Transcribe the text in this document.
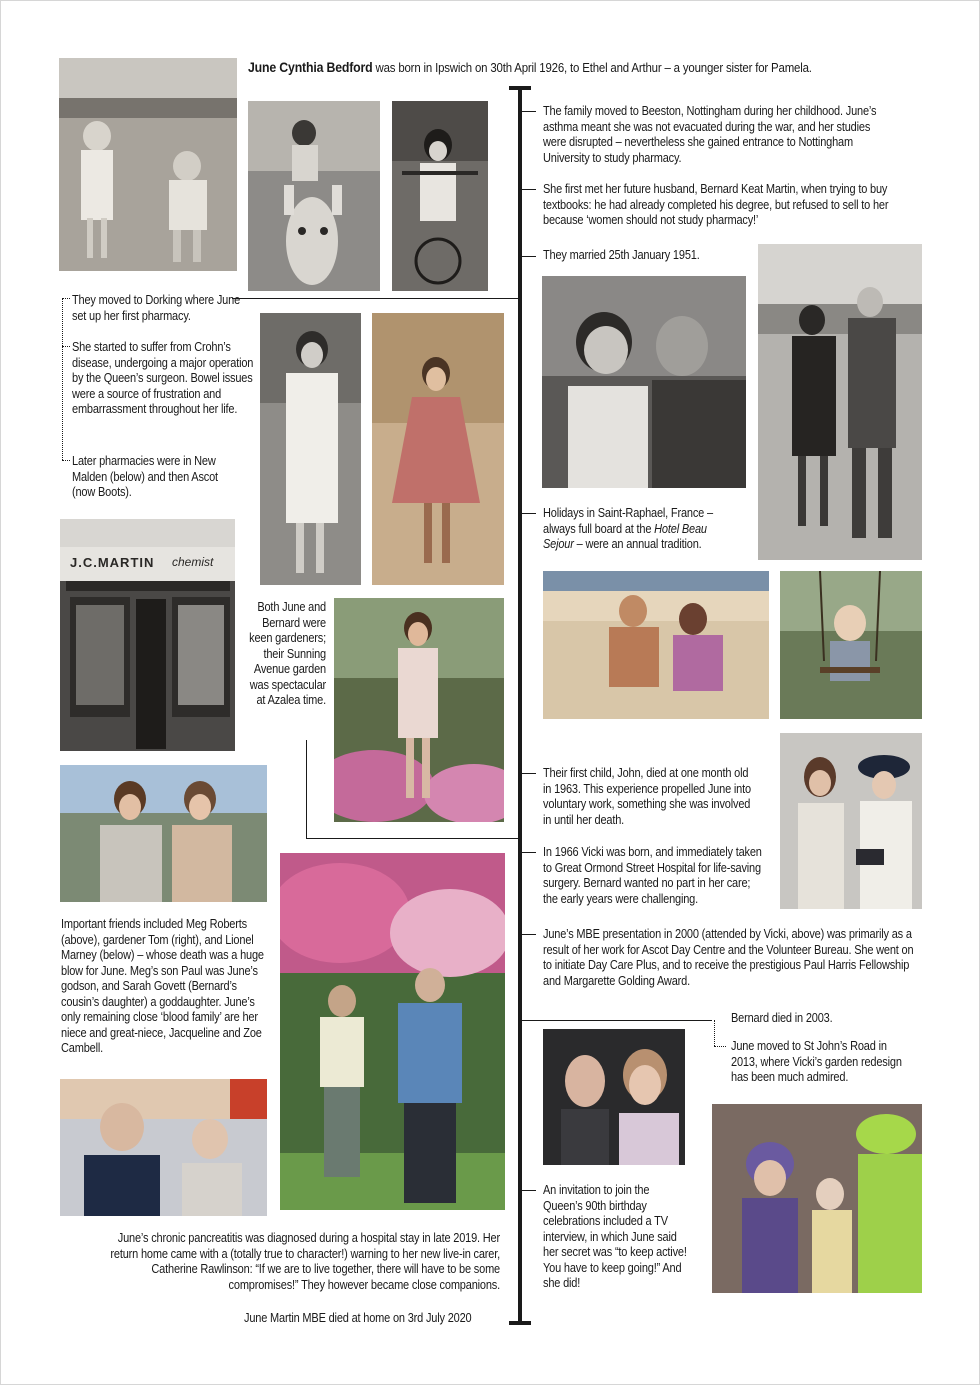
June Cynthia Bedford was born in Ipswich on 30th April 1926, to Ethel and Arthur – a younger sister for Pamela.
The family moved to Beeston, Nottingham during her childhood. June’s asthma meant she was not evacuated during the war, and her studies were disrupted – nevertheless she gained entrance to Nottingham University to study pharmacy.
She first met her future husband, Bernard Keat Martin, when trying to buy textbooks: he had already completed his degree, but refused to sell to her because ‘women should not study pharmacy!’
They married 25th January 1951.
Holidays in Saint-Raphael, France – always full board at the Hotel Beau Sejour – were an annual tradition.
Their first child, John, died at one month old in 1963. This experience propelled June into voluntary work, something she was involved in until her death.
In 1966 Vicki was born, and immediately taken to Great Ormond Street Hospital for life-saving surgery. Bernard wanted no part in her care; the early years were challenging.
June’s MBE presentation in 2000 (attended by Vicki, above) was primarily as a result of her work for Ascot Day Centre and the Volunteer Bureau. She went on to initiate Day Care Plus, and to receive the prestigious Paul Harris Fellowship and Margarette Golding Award.
Bernard died in 2003.
June moved to St John’s Road in 2013, where Vicki’s garden redesign has been much admired.
An invitation to join the Queen’s 90th birthday celebrations included a TV interview, in which June said her secret was “to keep active! You have to keep going!” And she did!
They moved to Dorking where June set up her first pharmacy.
She started to suffer from Crohn’s disease, undergoing a major operation by the Queen’s surgeon. Bowel issues were a source of frustration and embarrassment throughout her life.
Later pharmacies were in New Malden (below) and then Ascot (now Boots).
Both June and Bernard were keen gardeners; their Sunning Avenue garden was spectacular at Azalea time.
Important friends included Meg Roberts (above), gardener Tom (right), and Lionel Marney (below) – whose death was a huge blow for June. Meg’s son Paul was June’s godson, and Sarah Govett (Bernard’s cousin’s daughter) a goddaughter. June’s only remaining close ‘blood family’ are her niece and great-niece, Jacqueline and Zoe Cambell.
June’s chronic pancreatitis was diagnosed during a hospital stay in late 2019. Her return home came with a (totally true to character!) warning to her new live-in carer, Catherine Rawlinson: “If we are to live together, there will have to be some compromises!” They however became close companions.
June Martin MBE died at home on 3rd July 2020
J.C.MARTIN chemist
